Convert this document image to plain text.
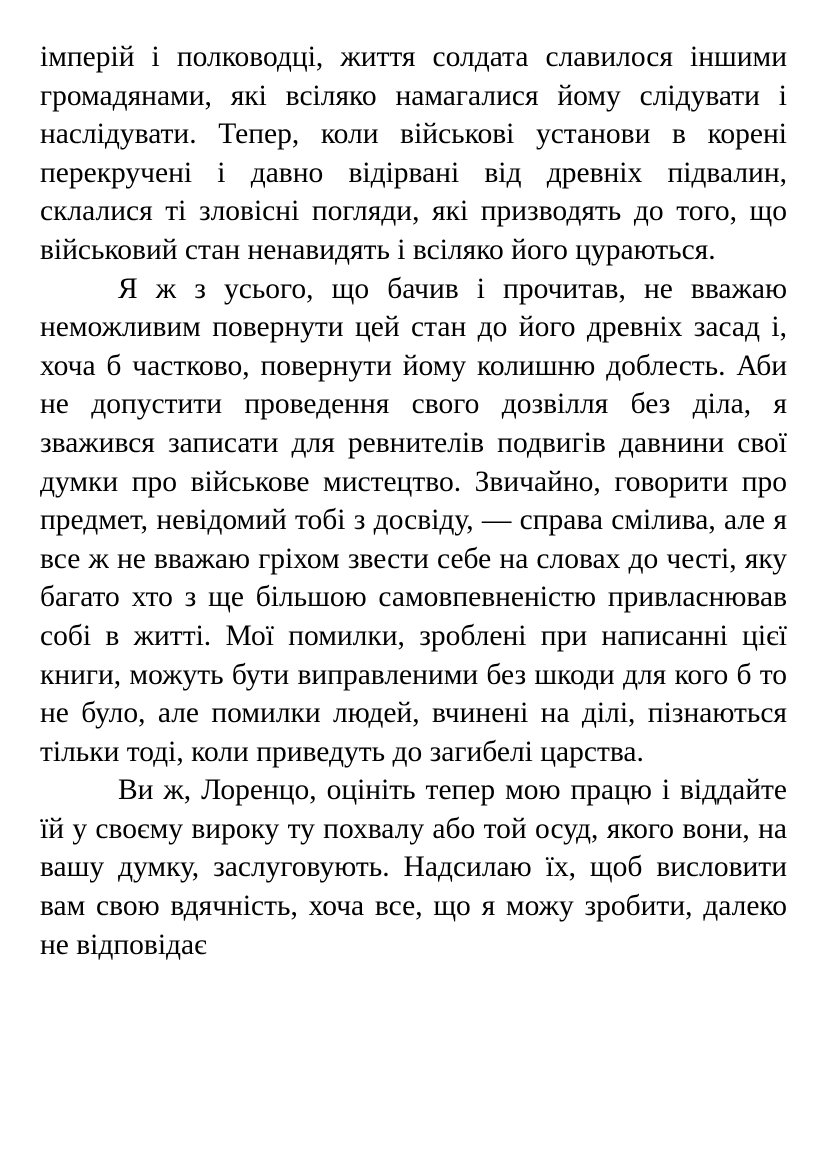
імперій і полководці, життя солдата славилося іншими громадянами, які всіляко намагалися йому слідувати і наслідувати. Тепер, коли військові установи в корені перекручені і давно відірвані від древніх підвалин, склалися ті зловісні погляди, які призводять до того, що військовий стан ненавидять і всіляко його цураються.

Я ж з усього, що бачив і прочитав, не вважаю неможливим повернути цей стан до його древніх засад і, хоча б частково, повернути йому колишню доблесть. Аби не допустити проведення свого дозвілля без діла, я зважився записати для ревнителів подвигів давнини свої думки про військове мистецтво. Звичайно, говорити про предмет, невідомий тобі з досвіду, — справа смілива, але я все ж не вважаю гріхом звести себе на словах до честі, яку багато хто з ще більшою самовпевненістю привласнював собі в житті. Мої помилки, зроблені при написанні цієї книги, можуть бути виправленими без шкоди для кого б то не було, але помилки людей, вчинені на ділі, пізнаються тільки тоді, коли приведуть до загибелі царства.

Ви ж, Лоренцо, оцініть тепер мою працю і віддайте їй у своєму вироку ту похвалу або той осуд, якого вони, на вашу думку, заслуговують. Надсилаю їх, щоб висловити вам свою вдячність, хоча все, що я можу зробити, далеко не відповідає
